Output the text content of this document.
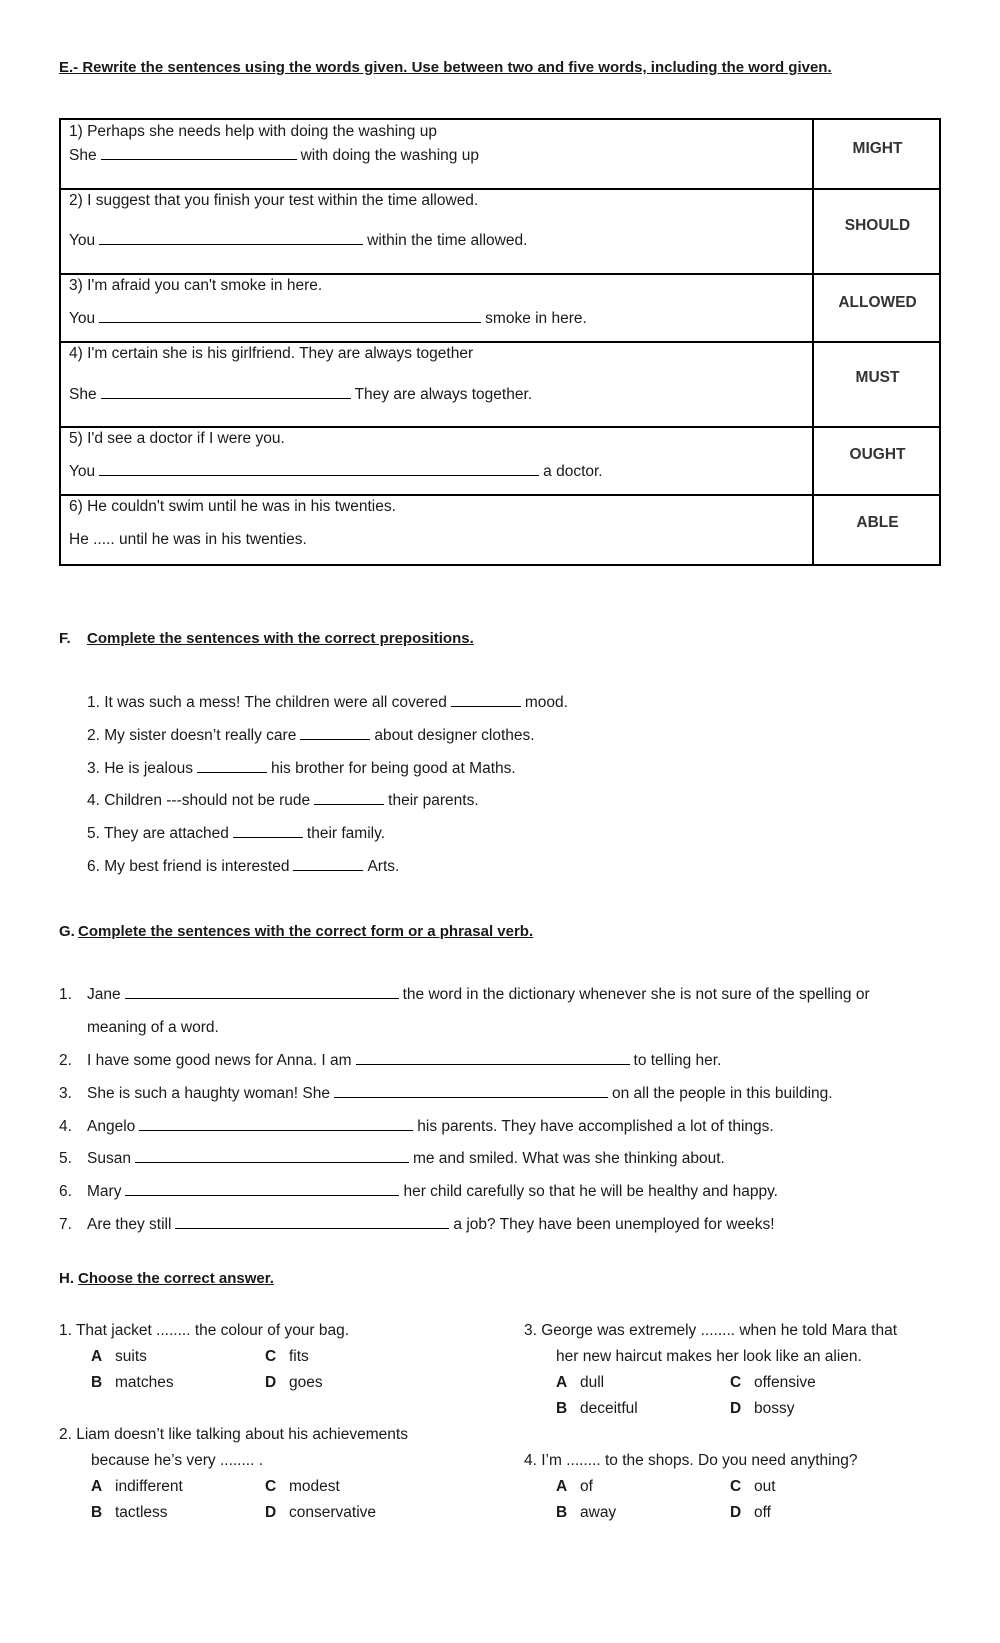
E.- Rewrite the sentences using the words given. Use between two and five words, including the word given.
1) Perhaps she needs help with doing the washing up
She	with doing the washing up	MIGHT
2) I suggest that you finish your test within the time allowed.
You	within the time allowed.
SHOULD
3) I'm afraid you can't smoke in here.
You	smoke in here.
ALLOWED
4) I'm certain she is his girlfriend. They are always together
She	They are always together.
MUST
5) I'd see a doctor if I were you.
You	a doctor.
OUGHT
6) He couldn't swim until he was in his twenties.
He ..... until he was in his twenties.
ABLE
F. Complete the sentences with the correct prepositions.
1. It was such a mess! The children were all covered	mood.
2. My sister doesn’t really care	about designer clothes.
3. He is jealous	his brother for being good at Maths.
4. Children ---should not be rude	their parents.
5. They are attached	their family.
6. My best friend is interested	Arts.
G. Complete the sentences with the correct form or a phrasal verb.
1. Jane	the word in the dictionary whenever she is not sure of the spelling or
meaning of a word.
2. I have some good news for Anna. I am	to telling her.
3. She is such a haughty woman! She	on all the people in this building.
4. Angelo	his parents. They have accomplished a lot of things.
5. Susan	me and smiled. What was she thinking about.
6. Mary	her child carefully so that he will be healthy and happy.
7. Are they still	a job? They have been unemployed for weeks!
H. Choose the correct answer.
1. That jacket ........ the colour of your bag.
A suits	C fits
B matches	D goes
2. Liam doesn’t like talking about his achievements
because he’s very ........ .
A indifferent	C modest
B tactless	D conservative
3. George was extremely ........ when he told Mara that
her new haircut makes her look like an alien.
A dull	C offensive
B deceitful	D bossy
4. I’m ........ to the shops. Do you need anything?
A of	C out
B away	D off
